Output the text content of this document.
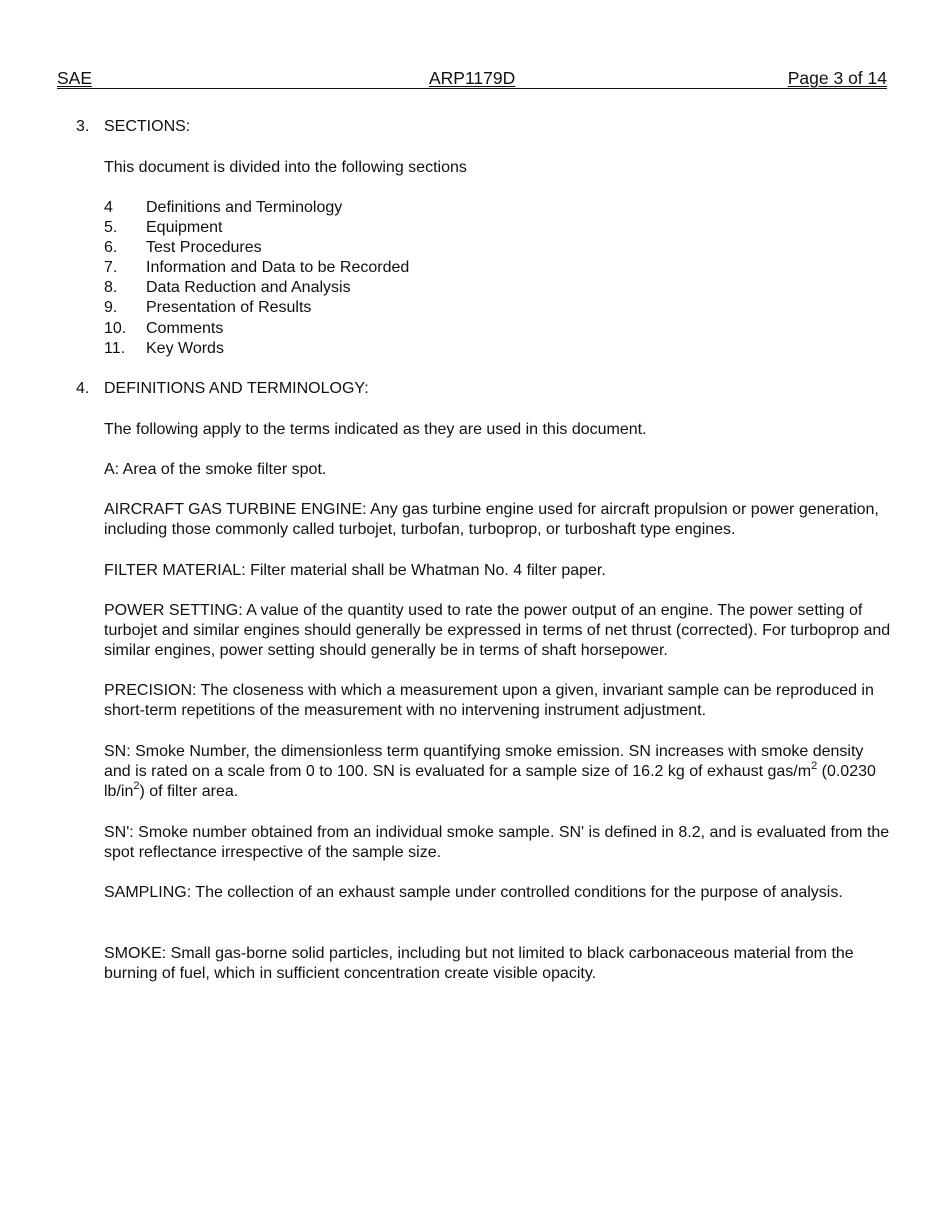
SAE	ARP1179D	Page 3 of 14
3. SECTIONS:
This document is divided into the following sections
4 Definitions and Terminology
5. Equipment
6. Test Procedures
7. Information and Data to be Recorded
8. Data Reduction and Analysis
9. Presentation of Results
10. Comments
11. Key Words
4. DEFINITIONS AND TERMINOLOGY:
The following apply to the terms indicated as they are used in this document.
A: Area of the smoke filter spot.
AIRCRAFT GAS TURBINE ENGINE: Any gas turbine engine used for aircraft propulsion or power generation, including those commonly called turbojet, turbofan, turboprop, or turboshaft type engines.
FILTER MATERIAL: Filter material shall be Whatman No. 4 filter paper.
POWER SETTING: A value of the quantity used to rate the power output of an engine. The power setting of turbojet and similar engines should generally be expressed in terms of net thrust (corrected). For turboprop and similar engines, power setting should generally be in terms of shaft horsepower.
PRECISION: The closeness with which a measurement upon a given, invariant sample can be reproduced in short-term repetitions of the measurement with no intervening instrument adjustment.
SN: Smoke Number, the dimensionless term quantifying smoke emission. SN increases with smoke density and is rated on a scale from 0 to 100. SN is evaluated for a sample size of 16.2 kg of exhaust gas/$m^2$ (0.0230 $lb/in^2$) of filter area.
SN': Smoke number obtained from an individual smoke sample. SN' is defined in 8.2, and is evaluated from the spot reflectance irrespective of the sample size.
SAMPLING: The collection of an exhaust sample under controlled conditions for the purpose of analysis.
SMOKE: Small gas-borne solid particles, including but not limited to black carbonaceous material from the burning of fuel, which in sufficient concentration create visible opacity.
